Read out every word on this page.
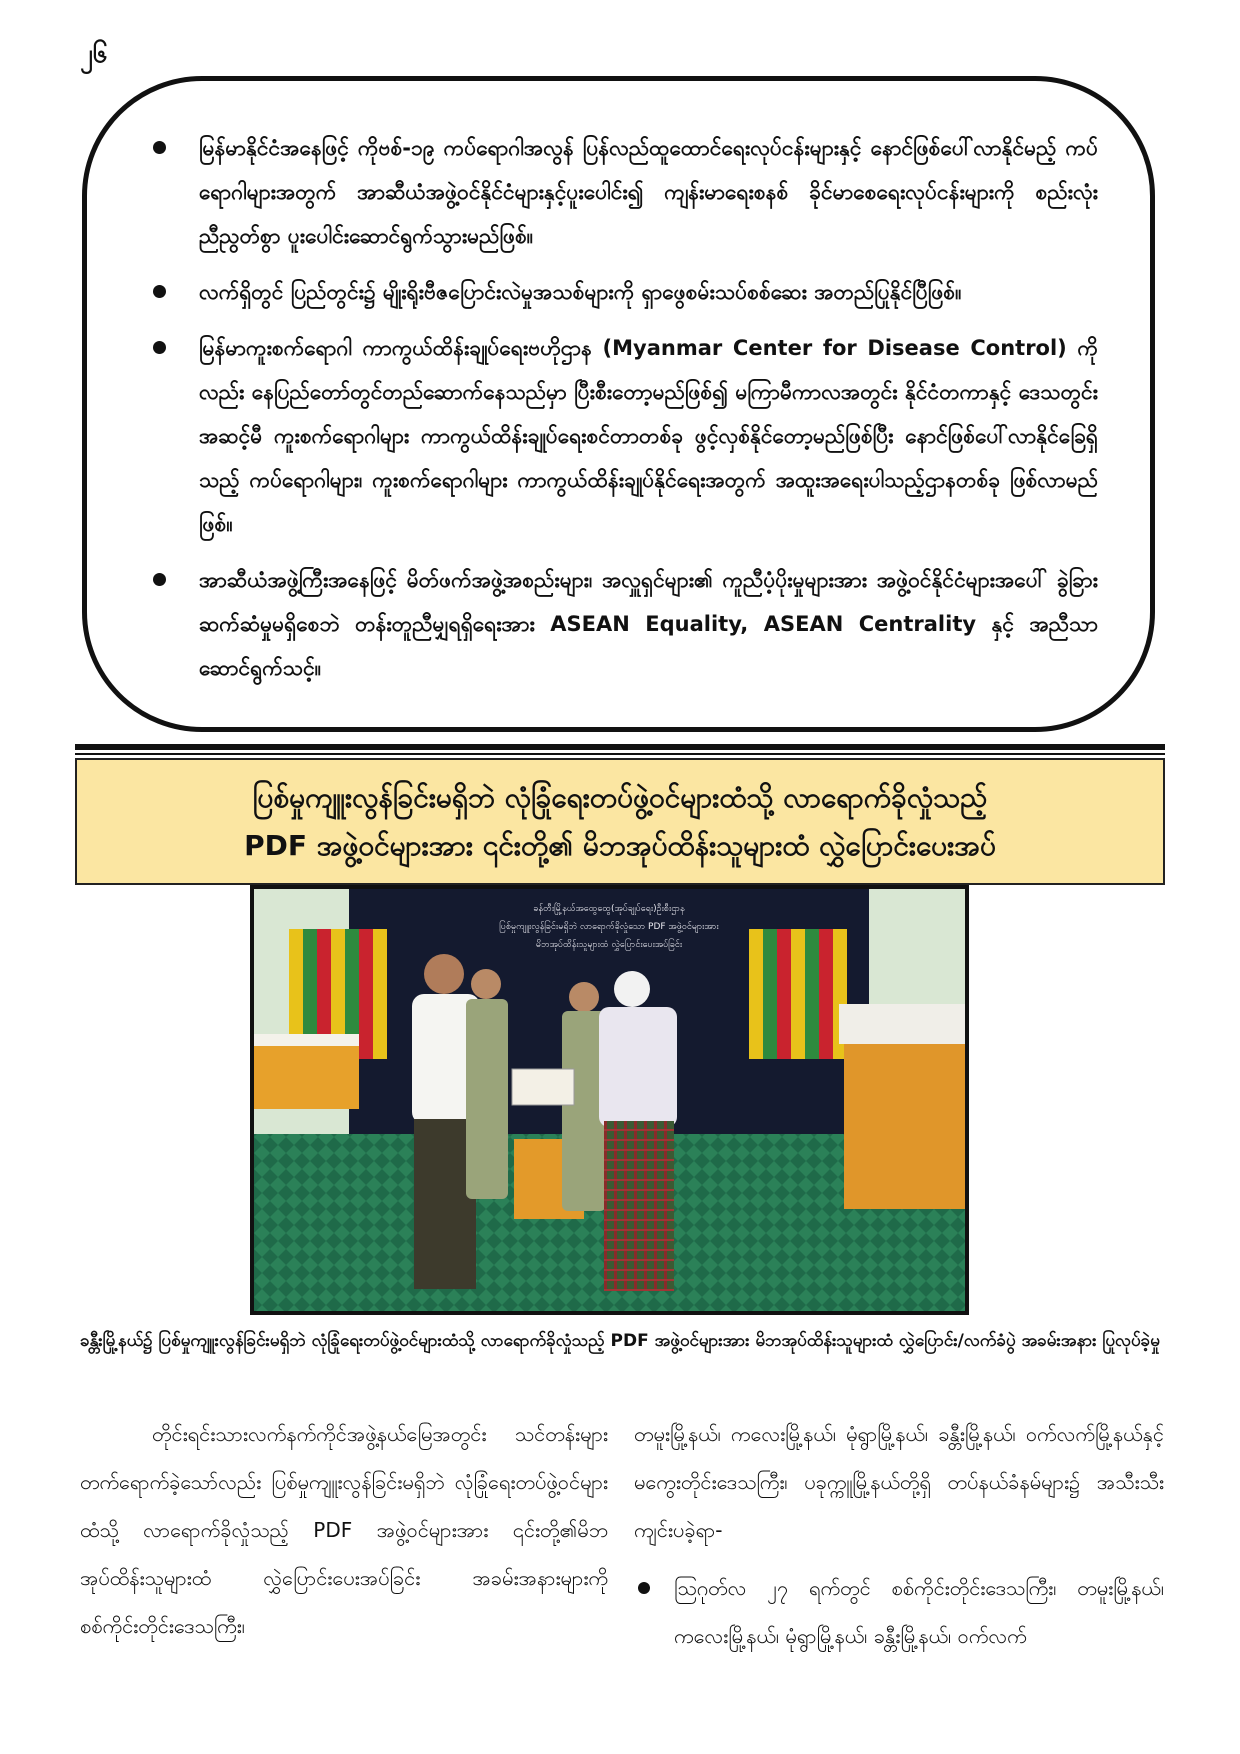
၂၆
မြန်မာနိုင်ငံအနေဖြင့် ကိုဗစ်-၁၉ ကပ်ရောဂါအလွန် ပြန်လည်ထူထောင်ရေးလုပ်ငန်းများနှင့် နောင်ဖြစ်ပေါ်လာနိုင်မည့် ကပ်ရောဂါများအတွက် အာဆီယံအဖွဲ့ဝင်နိုင်ငံများနှင့်ပူးပေါင်း၍ ကျန်းမာရေးစနစ် ခိုင်မာစေရေးလုပ်ငန်းများကို စည်းလုံးညီညွတ်စွာ ပူးပေါင်းဆောင်ရွက်သွားမည်ဖြစ်။
လက်ရှိတွင် ပြည်တွင်း၌ မျိုးရိုးဗီဇပြောင်းလဲမှုအသစ်များကို ရှာဖွေစမ်းသပ်စစ်ဆေး အတည်ပြုနိုင်ပြီဖြစ်။
မြန်မာကူးစက်ရောဂါ ကာကွယ်ထိန်းချုပ်ရေးဗဟိုဌာန (Myanmar Center for Disease Control) ကိုလည်း နေပြည်တော်တွင်တည်ဆောက်နေသည်မှာ ပြီးစီးတော့မည်ဖြစ်၍ မကြာမီကာလအတွင်း နိုင်ငံတကာနှင့် ဒေသတွင်းအဆင့်မီ ကူးစက်ရောဂါများ ကာကွယ်ထိန်းချုပ်ရေးစင်တာတစ်ခု ဖွင့်လှစ်နိုင်တော့မည်ဖြစ်ပြီး နောင်ဖြစ်ပေါ်လာနိုင်ခြေရှိသည့် ကပ်ရောဂါများ၊ ကူးစက်ရောဂါများ ကာကွယ်ထိန်းချုပ်နိုင်ရေးအတွက် အထူးအရေးပါသည့်ဌာနတစ်ခု ဖြစ်လာမည်ဖြစ်။
အာဆီယံအဖွဲ့ကြီးအနေဖြင့် မိတ်ဖက်အဖွဲ့အစည်းများ၊ အလှူရှင်များ၏ ကူညီပံ့ပိုးမှုများအား အဖွဲ့ဝင်နိုင်ငံများအပေါ် ခွဲခြားဆက်ဆံမှုမရှိစေဘဲ တန်းတူညီမျှရရှိရေးအား ASEAN Equality, ASEAN Centrality နှင့် အညီသာ ဆောင်ရွက်သင့်။
ပြစ်မှုကျူးလွန်ခြင်းမရှိဘဲ လုံခြုံရေးတပ်ဖွဲ့ဝင်များထံသို့ လာရောက်ခိုလှုံသည့်
PDF အဖွဲ့ဝင်များအား ၎င်းတို့၏ မိဘအုပ်ထိန်းသူများထံ လွှဲပြောင်းပေးအပ်
ခန်တီးမြို့နယ်အထွေထွေ(အုပ်ချုပ်ရေး)ဦးစီးဌာန
ပြစ်မှုကျူးလွန်ခြင်းမရှိဘဲ လာရောက်ခိုလှုံသော PDF အဖွဲ့ဝင်များအား
မိဘအုပ်ထိန်းသူများထံ လွှဲပြောင်းပေးအပ်ခြင်း
ခန္တီးမြို့နယ်၌ ပြစ်မှုကျူးလွန်ခြင်းမရှိဘဲ လုံခြုံရေးတပ်ဖွဲ့ဝင်များထံသို့ လာရောက်ခိုလှုံသည့် PDF အဖွဲ့ဝင်များအား မိဘအုပ်ထိန်းသူများထံ လွှဲပြောင်း/လက်ခံပွဲ အခမ်းအနား ပြုလုပ်ခဲ့မှု

တိုင်းရင်းသားလက်နက်ကိုင်အဖွဲ့နယ်မြေအတွင်း သင်တန်းများ တက်ရောက်ခဲ့သော်လည်း ပြစ်မှုကျူးလွန်ခြင်းမရှိဘဲ လုံခြုံရေးတပ်ဖွဲ့ဝင်များထံသို့ လာရောက်ခိုလှုံသည့် PDF အဖွဲ့ဝင်များအား ၎င်းတို့၏မိဘအုပ်ထိန်းသူများထံ လွှဲပြောင်းပေးအပ်ခြင်း အခမ်းအနားများကို စစ်ကိုင်းတိုင်းဒေသကြီး၊

တမူးမြို့နယ်၊ ကလေးမြို့နယ်၊ မုံရွာမြို့နယ်၊ ခန္တီးမြို့နယ်၊ ဝက်လက်မြို့နယ်နှင့် မကွေးတိုင်းဒေသကြီး၊ ပခုက္ကူမြို့နယ်တို့ရှိ တပ်နယ်ခံနမ်များ၌ အသီးသီးကျင်းပခဲ့ရာ-

ဩဂုတ်လ ၂၇ ရက်တွင် စစ်ကိုင်းတိုင်းဒေသကြီး၊ တမူးမြို့နယ်၊ ကလေးမြို့နယ်၊ မုံရွာမြို့နယ်၊ ခန္တီးမြို့နယ်၊ ဝက်လက်
